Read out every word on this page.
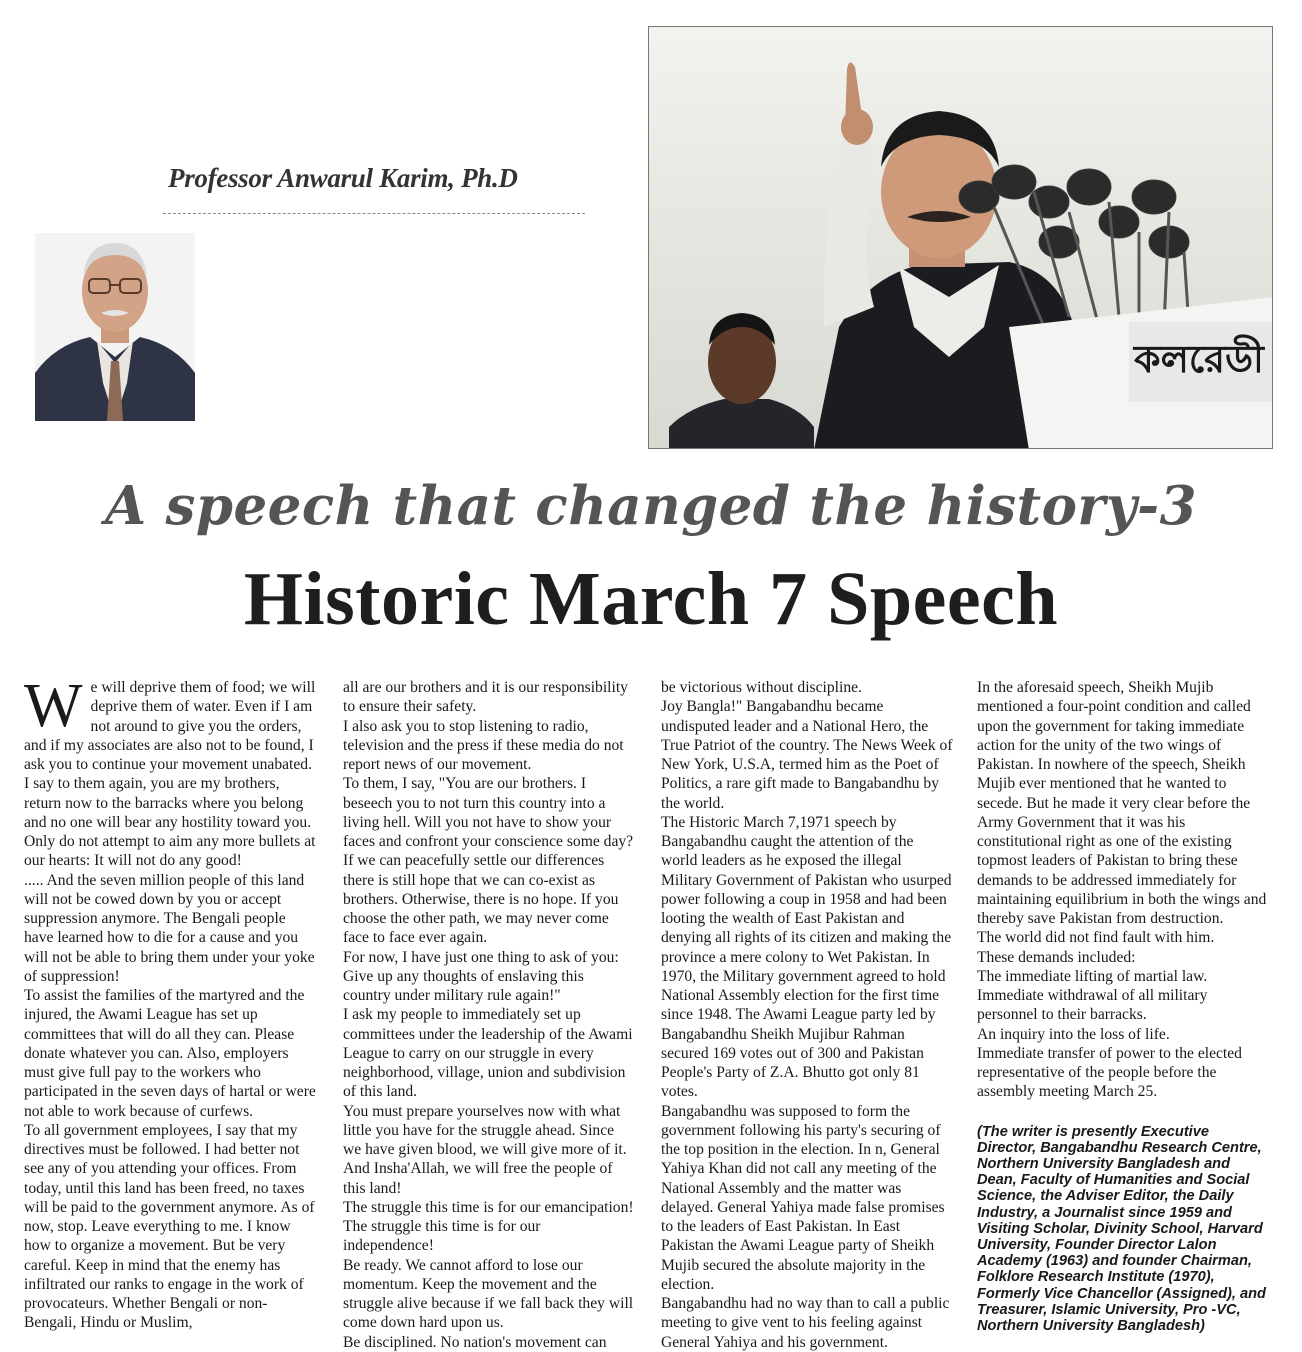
Professor Anwarul Karim, Ph.D
কলরেডী
A speech that changed the history-3
Historic March 7 Speech
W e will deprive them of food; we will deprive them of water. Even if I am not around to give you the orders, and if my associates are also not to be found, I ask you to continue your movement unabated.

I say to them again, you are my brothers, return now to the barracks where you belong and no one will bear any hostility toward you. Only do not attempt to aim any more bullets at our hearts: It will not do any good!

..... And the seven million people of this land will not be cowed down by you or accept suppression anymore. The Bengali people have learned how to die for a cause and you will not be able to bring them under your yoke of suppression!

To assist the families of the martyred and the injured, the Awami League has set up committees that will do all they can. Please donate whatever you can. Also, employers must give full pay to the workers who participated in the seven days of hartal or were not able to work because of curfews.

To all government employees, I say that my directives must be followed. I had better not see any of you attending your offices. From today, until this land has been freed, no taxes will be paid to the government anymore. As of now, stop. Leave everything to me. I know how to organize a movement. But be very careful. Keep in mind that the enemy has infiltrated our ranks to engage in the work of provocateurs. Whether Bengali or non-Bengali, Hindu or Muslim,

all are our brothers and it is our responsibility to ensure their safety.

I also ask you to stop listening to radio, television and the press if these media do not report news of our movement.

To them, I say, "You are our brothers. I beseech you to not turn this country into a living hell. Will you not have to show your faces and confront your conscience some day?

If we can peacefully settle our differences there is still hope that we can co-exist as brothers. Otherwise, there is no hope. If you choose the other path, we may never come face to face ever again.

For now, I have just one thing to ask of you: Give up any thoughts of enslaving this country under military rule again!"

I ask my people to immediately set up committees under the leadership of the Awami League to carry on our struggle in every neighborhood, village, union and subdivision of this land.

You must prepare yourselves now with what little you have for the struggle ahead. Since we have given blood, we will give more of it. And Insha'Allah, we will free the people of this land!

The struggle this time is for our emancipation! The struggle this time is for our independence!

Be ready. We cannot afford to lose our momentum. Keep the movement and the struggle alive because if we fall back they will come down hard upon us.

Be disciplined. No nation's movement can

be victorious without discipline.

Joy Bangla!" Bangabandhu became undisputed leader and a National Hero, the True Patriot of the country. The News Week of New York, U.S.A, termed him as the Poet of Politics, a rare gift made to Bangabandhu by the world.

The Historic March 7,1971 speech by Bangabandhu caught the attention of the world leaders as he exposed the illegal Military Government of Pakistan who usurped power following a coup in 1958 and had been looting the wealth of East Pakistan and denying all rights of its citizen and making the province a mere colony to Wet Pakistan. In 1970, the Military government agreed to hold National Assembly election for the first time since 1948. The Awami League party led by Bangabandhu Sheikh Mujibur Rahman secured 169 votes out of 300 and Pakistan People's Party of Z.A. Bhutto got only 81 votes.

Bangabandhu was supposed to form the government following his party's securing of the top position in the election. In n, General Yahiya Khan did not call any meeting of the National Assembly and the matter was delayed. General Yahiya made false promises to the leaders of East Pakistan. In East Pakistan the Awami League party of Sheikh Mujib secured the absolute majority in the election.

Bangabandhu had no way than to call a public meeting to give vent to his feeling against General Yahiya and his government.

In the aforesaid speech, Sheikh Mujib mentioned a four-point condition and called upon the government for taking immediate action for the unity of the two wings of Pakistan. In nowhere of the speech, Sheikh Mujib ever mentioned that he wanted to secede. But he made it very clear before the Army Government that it was his constitutional right as one of the existing topmost leaders of Pakistan to bring these demands to be addressed immediately for maintaining equilibrium in both the wings and thereby save Pakistan from destruction.

The world did not find fault with him.

These demands included:

The immediate lifting of martial law.

Immediate withdrawal of all military personnel to their barracks.

An inquiry into the loss of life.

Immediate transfer of power to the elected representative of the people before the assembly meeting March 25.

(The writer is presently Executive Director, Bangabandhu Research Centre, Northern University Bangladesh and Dean, Faculty of Humanities and Social Science, the Adviser Editor, the Daily Industry, a Journalist since 1959 and Visiting Scholar, Divinity School, Harvard University, Founder Director Lalon Academy (1963) and founder Chairman, Folklore Research Institute (1970), Formerly Vice Chancellor (Assigned), and Treasurer, Islamic University, Pro -VC, Northern University Bangladesh)
